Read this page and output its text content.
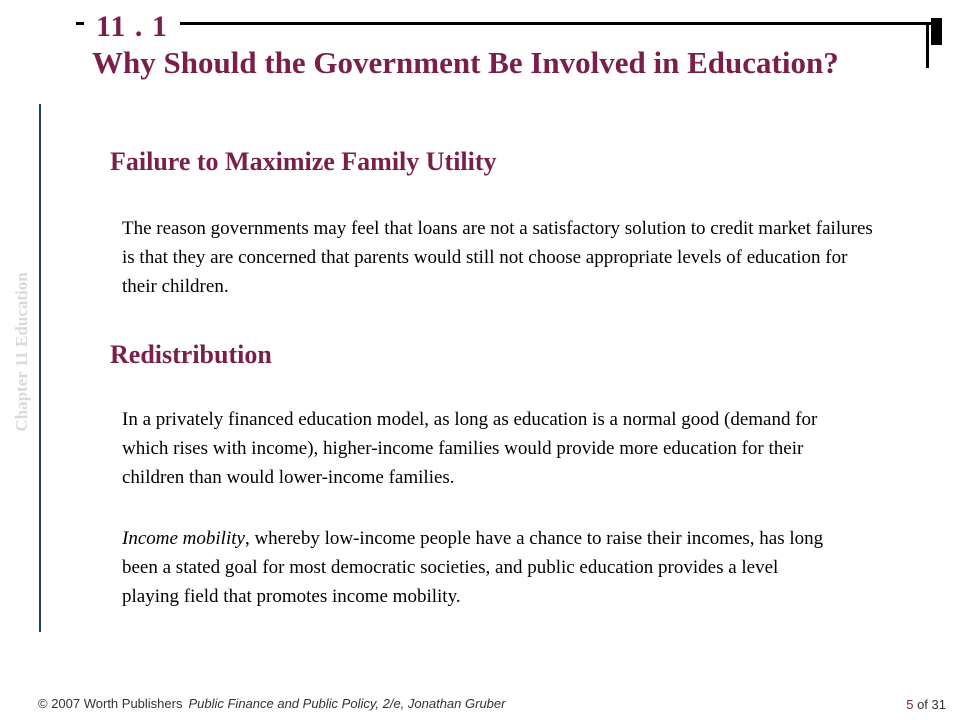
11 . 1
Why Should the Government Be Involved in Education?
Chapter 11 Education
Failure to Maximize Family Utility

The reason governments may feel that loans are not a satisfactory solution to credit market failures is that they are concerned that parents would still not choose appropriate levels of education for their children.

Redistribution

In a privately financed education model, as long as education is a normal good (demand for which rises with income), higher-income families would provide more education for their children than would lower-income families.

Income mobility, whereby low-income people have a chance to raise their incomes, has long been a stated goal for most democratic societies, and public education provides a level playing field that promotes income mobility.

© 2007 Worth Publishers Public Finance and Public Policy, 2/e, Jonathan Gruber	5 of 31
